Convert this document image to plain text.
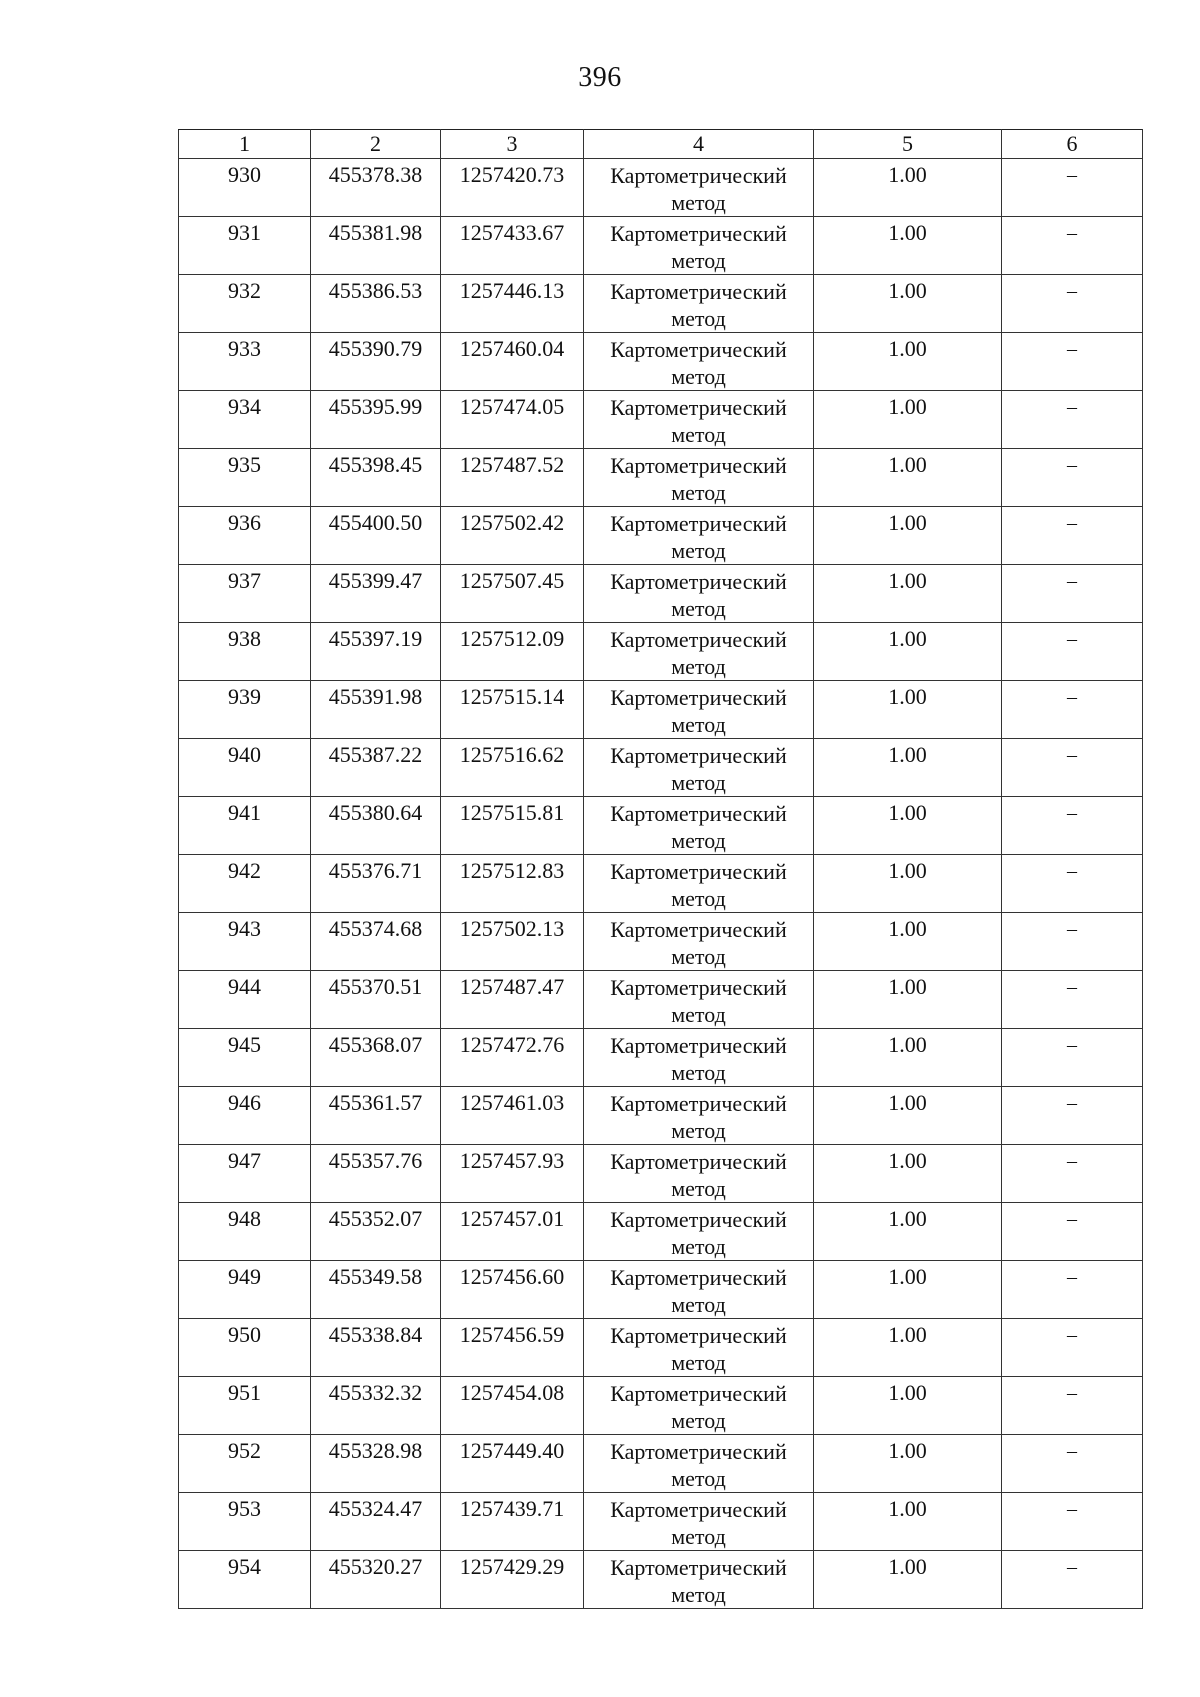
396
1	2	3	4	5	6
930	455378.38	1257420.73	Картометрический метод	1.00	–
931	455381.98	1257433.67	Картометрический метод	1.00	–
932	455386.53	1257446.13	Картометрический метод	1.00	–
933	455390.79	1257460.04	Картометрический метод	1.00	–
934	455395.99	1257474.05	Картометрический метод	1.00	–
935	455398.45	1257487.52	Картометрический метод	1.00	–
936	455400.50	1257502.42	Картометрический метод	1.00	–
937	455399.47	1257507.45	Картометрический метод	1.00	–
938	455397.19	1257512.09	Картометрический метод	1.00	–
939	455391.98	1257515.14	Картометрический метод	1.00	–
940	455387.22	1257516.62	Картометрический метод	1.00	–
941	455380.64	1257515.81	Картометрический метод	1.00	–
942	455376.71	1257512.83	Картометрический метод	1.00	–
943	455374.68	1257502.13	Картометрический метод	1.00	–
944	455370.51	1257487.47	Картометрический метод	1.00	–
945	455368.07	1257472.76	Картометрический метод	1.00	–
946	455361.57	1257461.03	Картометрический метод	1.00	–
947	455357.76	1257457.93	Картометрический метод	1.00	–
948	455352.07	1257457.01	Картометрический метод	1.00	–
949	455349.58	1257456.60	Картометрический метод	1.00	–
950	455338.84	1257456.59	Картометрический метод	1.00	–
951	455332.32	1257454.08	Картометрический метод	1.00	–
952	455328.98	1257449.40	Картометрический метод	1.00	–
953	455324.47	1257439.71	Картометрический метод	1.00	–
954	455320.27	1257429.29	Картометрический метод	1.00	–
